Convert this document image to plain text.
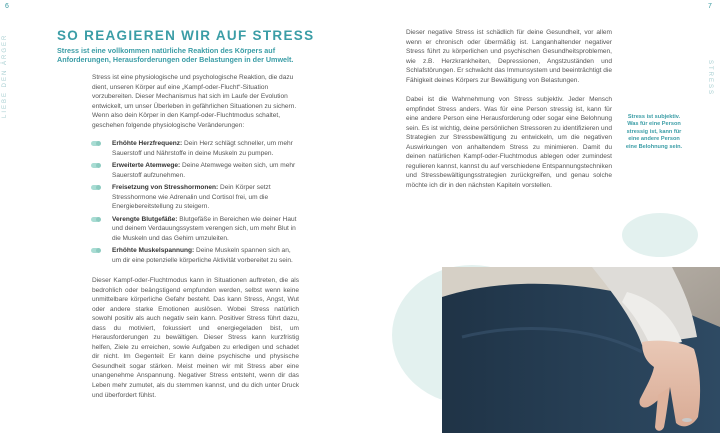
6
LIEBE DEN ÄRGER	SO REAGIEREN WIR AUF STRESS
Stress ist eine vollkommen natürliche Reaktion des Körpers auf Anforderungen, Herausforderungen oder Belastungen in der Umwelt.
Stress ist eine physiologische und psychologische Reaktion, die dazu dient, unseren Körper auf eine „Kampf-oder-Flucht“-Situation vorzubereiten. Dieser Mechanismus hat sich im Laufe der Evolution entwickelt, um unser Überleben in gefährlichen Situationen zu sichern. Wenn also dein Körper in den Kampf-oder-Fluchtmodus schaltet, geschehen folgende physiologische Veränderungen:
Erhöhte Herzfrequenz: Dein Herz schlägt schneller, um mehr Sauerstoff und Nährstoffe in deine Muskeln zu pumpen.
Erweiterte Atemwege: Deine Atemwege weiten sich, um mehr Sauerstoff aufzunehmen.
Freisetzung von Stresshormonen: Dein Körper setzt Stresshormone wie Adrenalin und Cortisol frei, um die Energiebereitstellung zu steigern.
Verengte Blutgefäße: Blutgefäße in Bereichen wie deiner Haut und deinem Verdauungssystem verengen sich, um mehr Blut in die Muskeln und das Gehirn umzuleiten.
Erhöhte Muskelspannung: Deine Muskeln spannen sich an, um dir eine potenzielle körperliche Aktivität vorbereitet zu sein.
Dieser Kampf-oder-Fluchtmodus kann in Situationen auftreten, die als bedrohlich oder beängstigend empfunden werden, selbst wenn keine unmittelbare körperliche Gefahr besteht. Das kann Stress, Angst, Wut oder andere starke Emotionen auslösen. Wobei Stress natürlich sowohl positiv als auch negativ sein kann. Positiver Stress führt dazu, dass du motiviert, fokussiert und energiegeladen bist, um Herausforderungen zu bewältigen. Dieser Stress kann kurzfristig helfen, Ziele zu erreichen, sowie Aufgaben zu erledigen und schadet dir nicht. Im Gegenteil: Er kann deine psychische und physische Gesundheit sogar stärken. Meist meinen wir mit Stress aber eine unangenehme Anspannung. Negativer Stress entsteht, wenn dir das Leben mehr zumutet, als du stemmen kannst, und du dich unter Druck und überfordert fühlst.
7
STRESS
Dieser negative Stress ist schädlich für deine Gesundheit, vor allem wenn er chronisch oder übermäßig ist. Langanhaltender negativer Stress führt zu körperlichen und psychischen Gesundheitsproblemen, wie z.B. Herzkrankheiten, Depressionen, Angstzuständen und Schlafstörungen. Er schwächt das Immunsystem und beeinträchtigt die Fähigkeit deines Körpers zur Bewältigung von Belastungen.
Dabei ist die Wahrnehmung von Stress subjektiv. Jeder Mensch empfindet Stress anders. Was für eine Person stressig ist, kann für eine andere Person eine Herausforderung oder sogar eine Belohnung sein. Es ist wichtig, deine persönlichen Stressoren zu identifizieren und Strategien zur Stressbewältigung zu entwickeln, um die negativen Auswirkungen von anhaltendem Stress zu minimieren. Damit du deinen natürlichen Kampf-oder-Fluchtmodus ablegen oder zumindest regulieren kannst, kannst du auf verschiedene Entspannungstechniken und Stressbewältigungsstrategien zurückgreifen, und genau solche möchte ich dir in den nächsten Kapiteln vorstellen.
Stress ist subjektiv. Was für eine Person stressig ist, kann für eine andere Person eine Belohnung sein.
